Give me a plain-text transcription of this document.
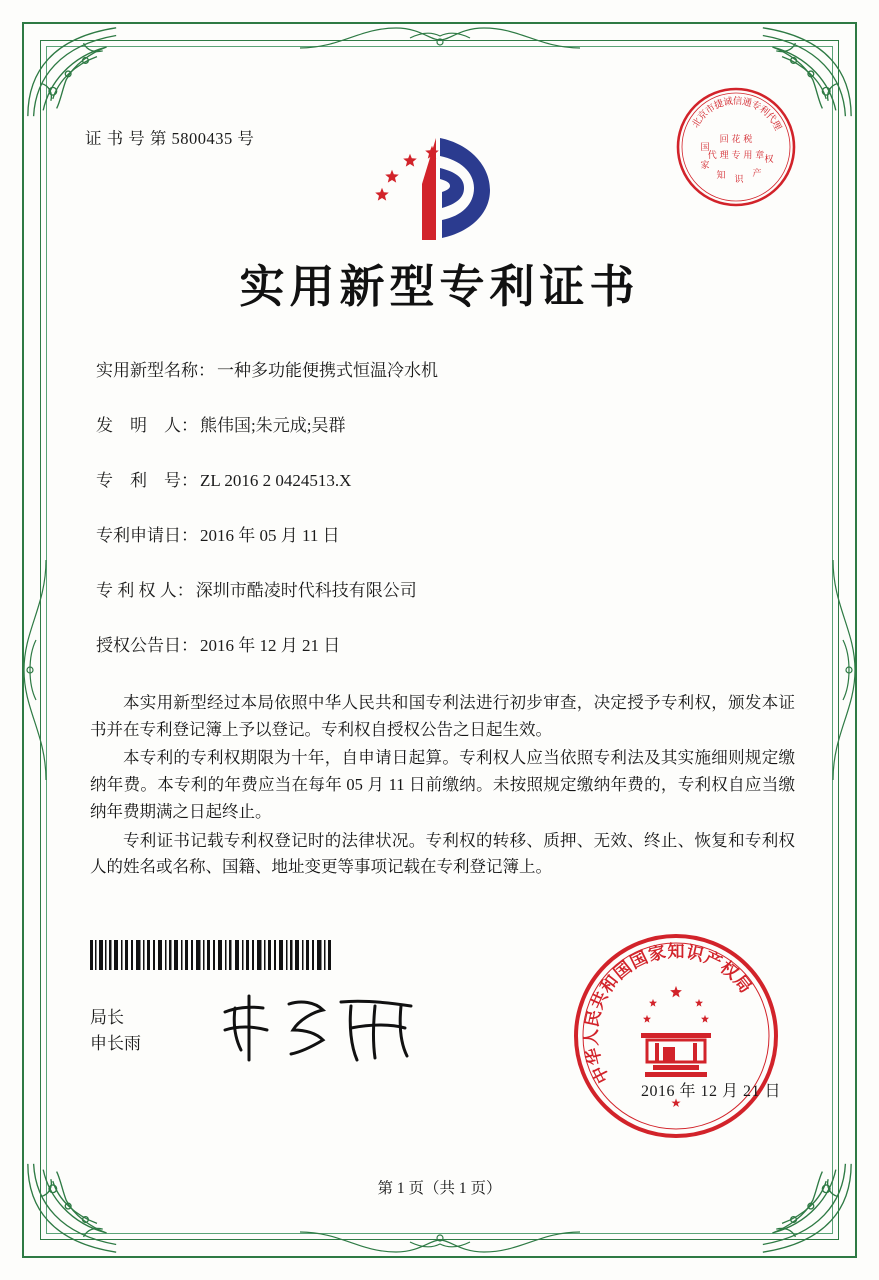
证 书 号 第 5800435 号
北
京
市
捷
诚
信
通
专
利
代
理
国
家
知 识
产
权
回 花 税
代 理 专 用 章
实用新型专利证书
实用新型名称： 一种多功能便携式恒温冷水机
发　明　人： 熊伟国;朱元成;吴群
专　利　号： ZL 2016 2 0424513.X
专利申请日： 2016 年 05 月 11 日
专 利 权 人： 深圳市酷凌时代科技有限公司
授权公告日： 2016 年 12 月 21 日

本实用新型经过本局依照中华人民共和国专利法进行初步审查，决定授予专利权，颁发本证书并在专利登记簿上予以登记。专利权自授权公告之日起生效。

本专利的专利权期限为十年，自申请日起算。专利权人应当依照专利法及其实施细则规定缴纳年费。本专利的年费应当在每年 05 月 11 日前缴纳。未按照规定缴纳年费的，专利权自应当缴纳年费期满之日起终止。

专利证书记载专利权登记时的法律状况。专利权的转移、质押、无效、终止、恢复和专利权人的姓名或名称、国籍、地址变更等事项记载在专利登记簿上。

局长
申长雨
中
华
人
民
共
和
国
国
家 知 识
产
权
局
★
2016 年 12 月 21 日
第 1 页（共 1 页）
